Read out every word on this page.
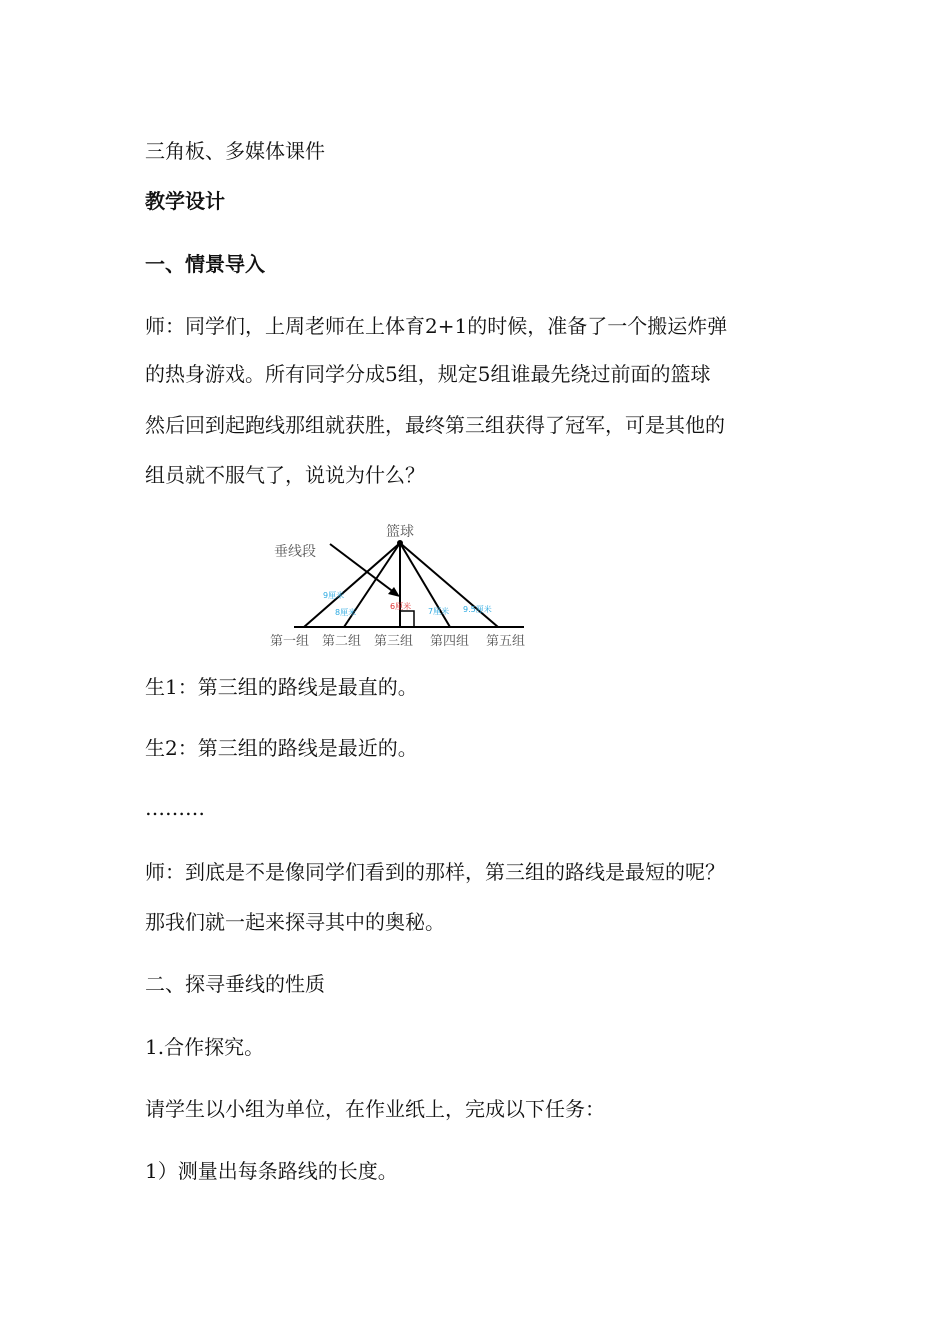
三角板、多媒体课件
教学设计
一、情景导入
师：同学们，上周老师在上体育2+1的时候，准备了一个搬运炸弹
的热身游戏。所有同学分成5组，规定5组谁最先绕过前面的篮球
然后回到起跑线那组就获胜，最终第三组获得了冠军，可是其他的
组员就不服气了，说说为什么？
篮球
垂线段
9厘米
8厘米
6厘米
7厘米 9.5厘米
第一组 第二组 第三组 第四组 第五组
生1：第三组的路线是最直的。
生2：第三组的路线是最近的。
………
师：到底是不是像同学们看到的那样，第三组的路线是最短的呢？
那我们就一起来探寻其中的奥秘。
二、探寻垂线的性质
1.合作探究。
请学生以小组为单位，在作业纸上，完成以下任务：
1）测量出每条路线的长度。
